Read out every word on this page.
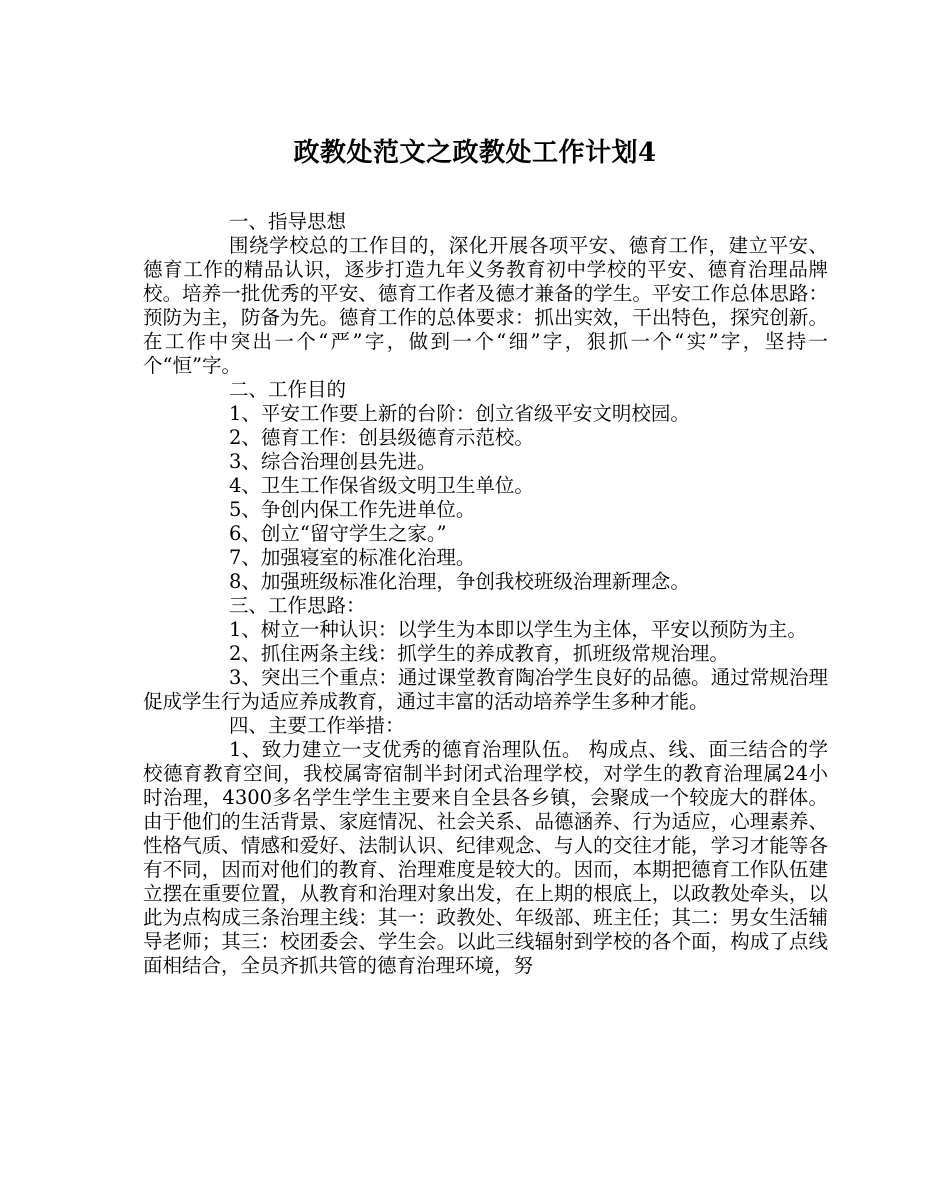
政教处范文之政教处工作计划4

一、指导思想

围绕学校总的工作目的，深化开展各项平安、德育工作，建立平安、德育工作的精品认识，逐步打造九年义务教育初中学校的平安、德育治理品牌校。培养一批优秀的平安、德育工作者及德才兼备的学生。平安工作总体思路：预防为主，防备为先。德育工作的总体要求：抓出实效，干出特色，探究创新。在工作中突出一个“严”字，做到一个“细”字，狠抓一个“实”字，坚持一个“恒”字。

二、工作目的

1、平安工作要上新的台阶：创立省级平安文明校园。

2、德育工作：创县级德育示范校。

3、综合治理创县先进。

4、卫生工作保省级文明卫生单位。

5、争创内保工作先进单位。

6、创立“留守学生之家。”

7、加强寝室的标准化治理。

8、加强班级标准化治理，争创我校班级治理新理念。

三、工作思路：

1、树立一种认识：以学生为本即以学生为主体，平安以预防为主。

2、抓住两条主线：抓学生的养成教育，抓班级常规治理。

3、突出三个重点：通过课堂教育陶冶学生良好的品德。通过常规治理促成学生行为适应养成教育，通过丰富的活动培养学生多种才能。

四、主要工作举措：

1、致力建立一支优秀的德育治理队伍。 构成点、线、面三结合的学校德育教育空间，我校属寄宿制半封闭式治理学校，对学生的教育治理属24小时治理，4300多名学生学生主要来自全县各乡镇，会聚成一个较庞大的群体。由于他们的生活背景、家庭情况、社会关系、品德涵养、行为适应，心理素养、性格气质、情感和爱好、法制认识、纪律观念、与人的交往才能，学习才能等各有不同，因而对他们的教育、治理难度是较大的。因而，本期把德育工作队伍建立摆在重要位置，从教育和治理对象出发，在上期的根底上，以政教处牵头，以此为点构成三条治理主线：其一：政教处、年级部、班主任；其二：男女生活辅导老师；其三：校团委会、学生会。以此三线辐射到学校的各个面，构成了点线面相结合，全员齐抓共管的德育治理环境，努
